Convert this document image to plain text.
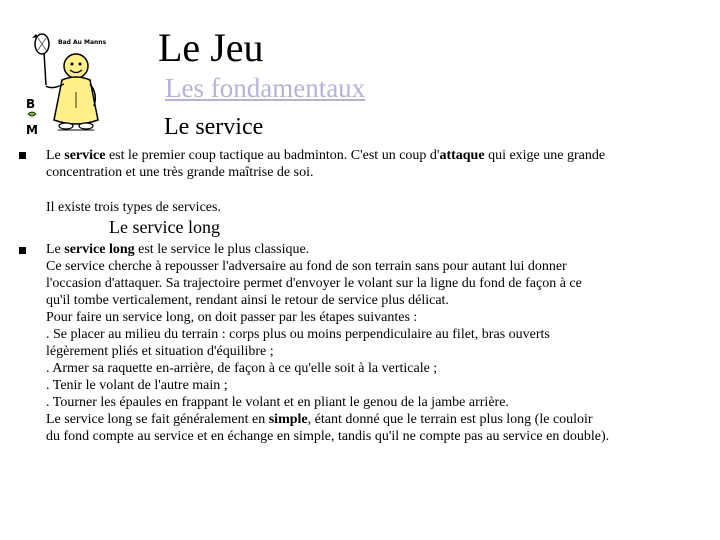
Bad Au Manns
B
M
Le Jeu
Les fondamentaux
Le service

Le service est le premier coup tactique au badminton. C'est un coup d'attaque qui exige une grande
concentration et une très grande maîtrise de soi.

Il existe trois types de services.

Le service long

Le service long est le service le plus classique.
Ce service cherche à repousser l'adversaire au fond de son terrain sans pour autant lui donner
l'occasion d'attaquer. Sa trajectoire permet d'envoyer le volant sur la ligne du fond de façon à ce
qu'il tombe verticalement, rendant ainsi le retour de service plus délicat.
Pour faire un service long, on doit passer par les étapes suivantes :
. Se placer au milieu du terrain : corps plus ou moins perpendiculaire au filet, bras ouverts
légèrement pliés et situation d'équilibre ;
. Armer sa raquette en-arrière, de façon à ce qu'elle soit à la verticale ;
. Tenir le volant de l'autre main ;
. Tourner les épaules en frappant le volant et en pliant le genou de la jambe arrière.
Le service long se fait généralement en simple, étant donné que le terrain est plus long (le couloir
du fond compte au service et en échange en simple, tandis qu'il ne compte pas au service en double).
